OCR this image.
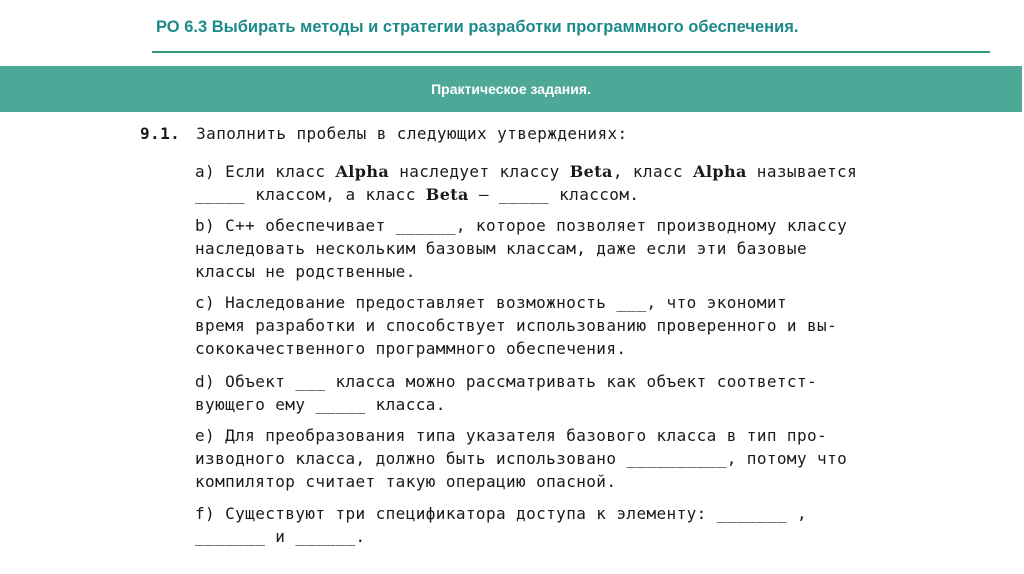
РО 6.3 Выбирать методы и стратегии разработки программного обеспечения.
Практическое задания.
9.1. Заполнить пробелы в следующих утверждениях:
a) Если класс Alpha наследует классу Beta, класс Alpha называется
_____ классом, а класс Beta — _____ классом.
b) C++ обеспечивает ______, которое позволяет производному классу
наследовать нескольким базовым классам, даже если эти базовые
классы не родственные.
c) Наследование предоставляет возможность ___, что экономит
время разработки и способствует использованию проверенного и вы-
сококачественного программного обеспечения.
d) Объект ___ класса можно рассматривать как объект соответст-
вующего ему _____ класса.
e) Для преобразования типа указателя базового класса в тип про-
изводного класса, должно быть использовано __________, потому что
компилятор считает такую операцию опасной.
f) Существуют три спецификатора доступа к элементу: _______ ,
_______ и ______.
